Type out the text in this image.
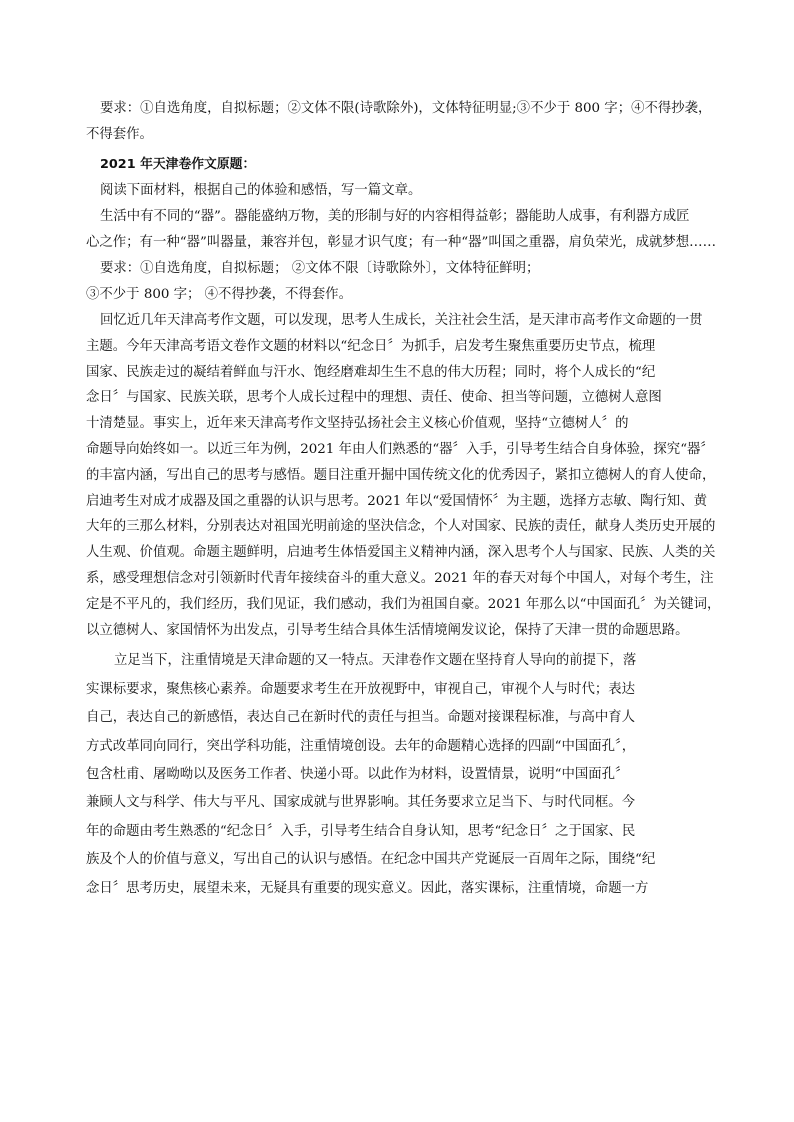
要求：①自选角度，自拟标题；②文体不限(诗歌除外)，文体特征明显;③不少于 800 字；④不得抄袭，
不得套作。
2021 年天津卷作文原题：
阅读下面材料，根据自己的体验和感悟，写一篇文章。
生活中有不同的“器”。器能盛纳万物，美的形制与好的内容相得益彰；器能助人成事，有利器方成匠
心之作；有一种“器”叫器量，兼容并包，彰显才识气度；有一种“器”叫国之重器，肩负荣光，成就梦想……
要求：①自选角度，自拟标题； ②文体不限〔诗歌除外〕，文体特征鲜明；
③不少于 800 字； ④不得抄袭，不得套作。
回忆近几年天津高考作文题，可以发现，思考人生成长，关注社会生活，是天津市高考作文命题的一贯
主题。今年天津高考语文卷作文题的材料以“纪念日〞为抓手，启发考生聚焦重要历史节点，梳理
国家、民族走过的凝结着鲜血与汗水、饱经磨难却生生不息的伟大历程；同时，将个人成长的“纪
念日〞与国家、民族关联，思考个人成长过程中的理想、责任、使命、担当等问题，立德树人意图
十清楚显。事实上，近年来天津高考作文坚持弘扬社会主义核心价值观，坚持“立德树人〞的
命题导向始终如一。以近三年为例，2021 年由人们熟悉的“器〞入手，引导考生结合自身体验，探究“器〞
的丰富内涵，写出自己的思考与感悟。题目注重开掘中国传统文化的优秀因子，紧扣立德树人的育人使命，
启迪考生对成才成器及国之重器的认识与思考。2021 年以“爱国情怀〞为主题，选择方志敏、陶行知、黄
大年的三那么材料，分别表达对祖国光明前途的坚決信念，个人对国家、民族的责任，献身人类历史开展的
人生观、价值观。命题主题鲜明，启迪考生体悟爱国主义精神内涵，深入思考个人与国家、民族、人类的关
系，感受理想信念对引领新时代青年接续奋斗的重大意义。2021 年的春天对每个中国人，对每个考生，注
定是不平凡的，我们经历，我们见证，我们感动，我们为祖国自豪。2021 年那么以“中国面孔〞为关键词，
以立德树人、家国情怀为出发点，引导考生结合具体生活情境阐发议论，保持了天津一贯的命题思路。
立足当下，注重情境是天津命题的又一特点。天津卷作文题在坚持育人导向的前提下，落
实课标要求，聚焦核心素养。命题要求考生在开放视野中，审视自己，审视个人与时代；表达
自己，表达自己的新感悟，表达自己在新时代的责任与担当。命题对接课程标准，与高中育人
方式改革同向同行，突出学科功能，注重情境创设。去年的命题精心选择的四副“中国面孔〞，
包含杜甫、屠呦呦以及医务工作者、快递小哥。以此作为材料，设置情景，说明“中国面孔〞
兼顾人文与科学、伟大与平凡、国家成就与世界影响。其任务要求立足当下、与时代同框。今
年的命题由考生熟悉的“纪念日〞入手，引导考生结合自身认知，思考“纪念日〞之于国家、民
族及个人的价值与意义，写出自己的认识与感悟。在纪念中国共产党诞辰一百周年之际，围绕“纪
念日〞思考历史，展望未来，无疑具有重要的现实意义。因此，落实课标，注重情境，命题一方
